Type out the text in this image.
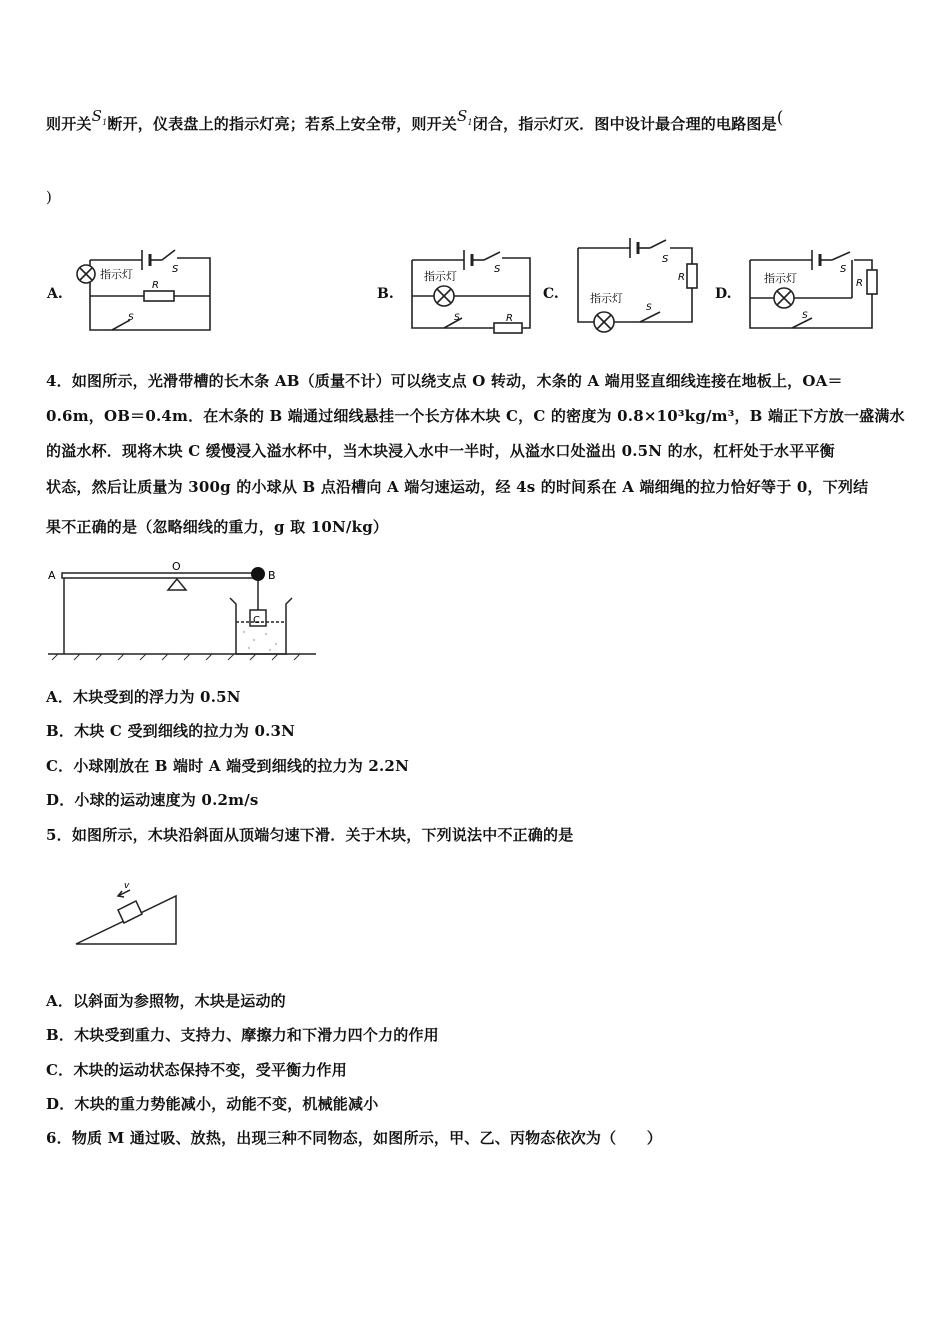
则开关$S_1$断开，仪表盘上的指示灯亮；若系上安全带，则开关$S_1$闭合，指示灯灭．图中设计最合理的电路图是(
)
A.
指示灯	S
R
S
B.
指示灯
S
S	R
C.	指示灯
S
R
S
D.
指示灯
S
R
S
4．如图所示，光滑带槽的长木条 AB（质量不计）可以绕支点 O 转动，木条的 A 端用竖直细线连接在地板上，OA＝
0.6m，OB＝0.4m．在木条的 B 端通过细线悬挂一个长方体木块 C，C 的密度为 0.8×10³kg/m³，B 端正下方放一盛满水
的溢水杯．现将木块 C 缓慢浸入溢水杯中，当木块浸入水中一半时，从溢水口处溢出 0.5N 的水，杠杆处于水平平衡
状态，然后让质量为 300g 的小球从 B 点沿槽向 A 端匀速运动，经 4s 的时间系在 A 端细绳的拉力恰好等于 0，下列结
果不正确的是（忽略细线的重力，g 取 10N/kg）
A
O
B
C
A．木块受到的浮力为 0.5N
B．木块 C 受到细线的拉力为 0.3N
C．小球刚放在 B 端时 A 端受到细线的拉力为 2.2N
D．小球的运动速度为 0.2m/s
5．如图所示，木块沿斜面从顶端匀速下滑．关于木块，下列说法中不正确的是
v
A．以斜面为参照物，木块是运动的
B．木块受到重力、支持力、摩擦力和下滑力四个力的作用
C．木块的运动状态保持不变，受平衡力作用
D．木块的重力势能减小，动能不变，机械能减小
6．物质 M 通过吸、放热，出现三种不同物态，如图所示，甲、乙、丙物态依次为（　　）
